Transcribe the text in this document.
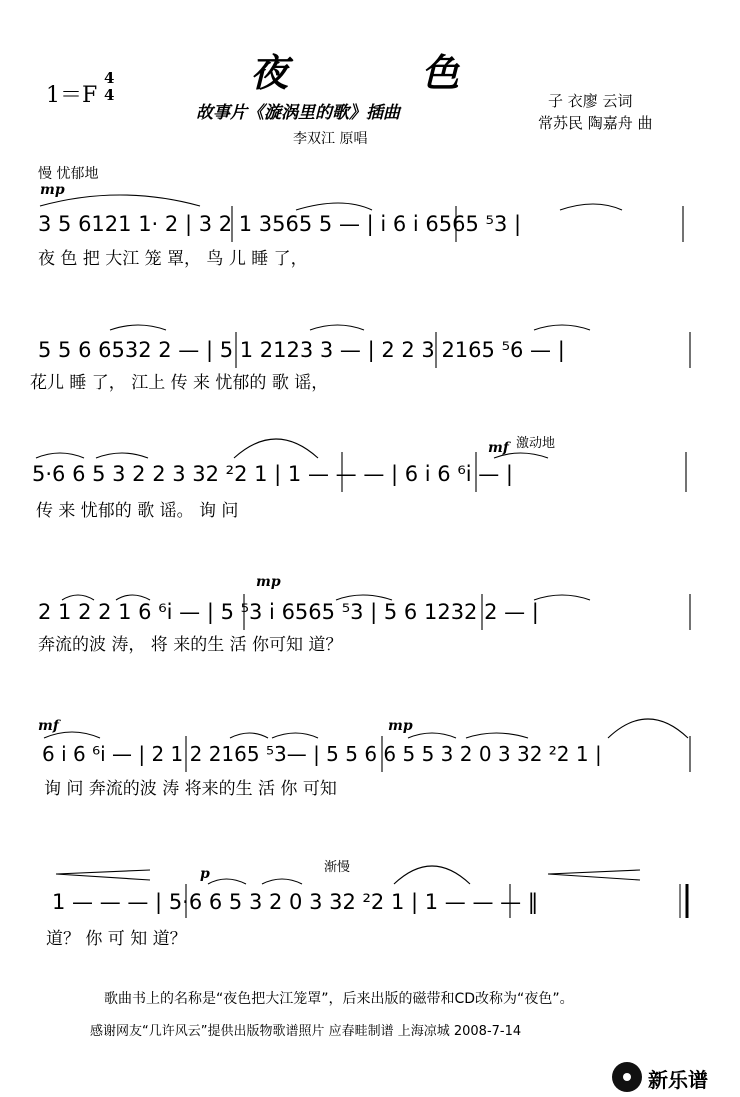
夜 色
1＝F
4
4
故事片《漩涡里的歌》插曲
李双江 原唱
子 衣廖 云词
常苏民 陶嘉舟 曲
慢 忧郁地
mp
3 5 6121 1· 2 | 3 2 1 3565 5 — | i 6 i 6565 ⁵3 |
夜 色 把 大江 笼 罩， 鸟 儿 睡 了，
5 5 6 6532 2 — | 5 1 2123 3 — | 2 2 3 2165 ⁵6 — |
花儿 睡 了， 江上 传 来 忧郁的 歌 谣，
mf 激动地
5·6 6 5 3 2 2 3 32 ²2 1 | 1 — — — | 6 i 6 ⁶i — |
传 来 忧郁的 歌 谣。 询 问
mp
2 1 2 2 1 6 ⁶i — | 5 ⁵3 i 6565 ⁵3 | 5 6 1232 2 — |
奔流的波 涛， 将 来的生 活 你可知 道？
mf	mp
6 i 6 ⁶i — | 2 1 2 2165 ⁵3— | 5 5 6 6 5 5 3 2 0 3 32 ²2 1 |
询 问 奔流的波 涛 将来的生 活 你 可知
p	渐慢
1 — — — | 5·6 6 5 3 2 0 3 32 ²2 1 | 1 — — — ‖
道？ 你 可 知 道？
歌曲书上的名称是“夜色把大江笼罩”，后来出版的磁带和CD改称为“夜色”。
感谢网友“几许风云”提供出版物歌谱照片 应春畦制谱 上海凉城 2008-7-14
新乐谱
